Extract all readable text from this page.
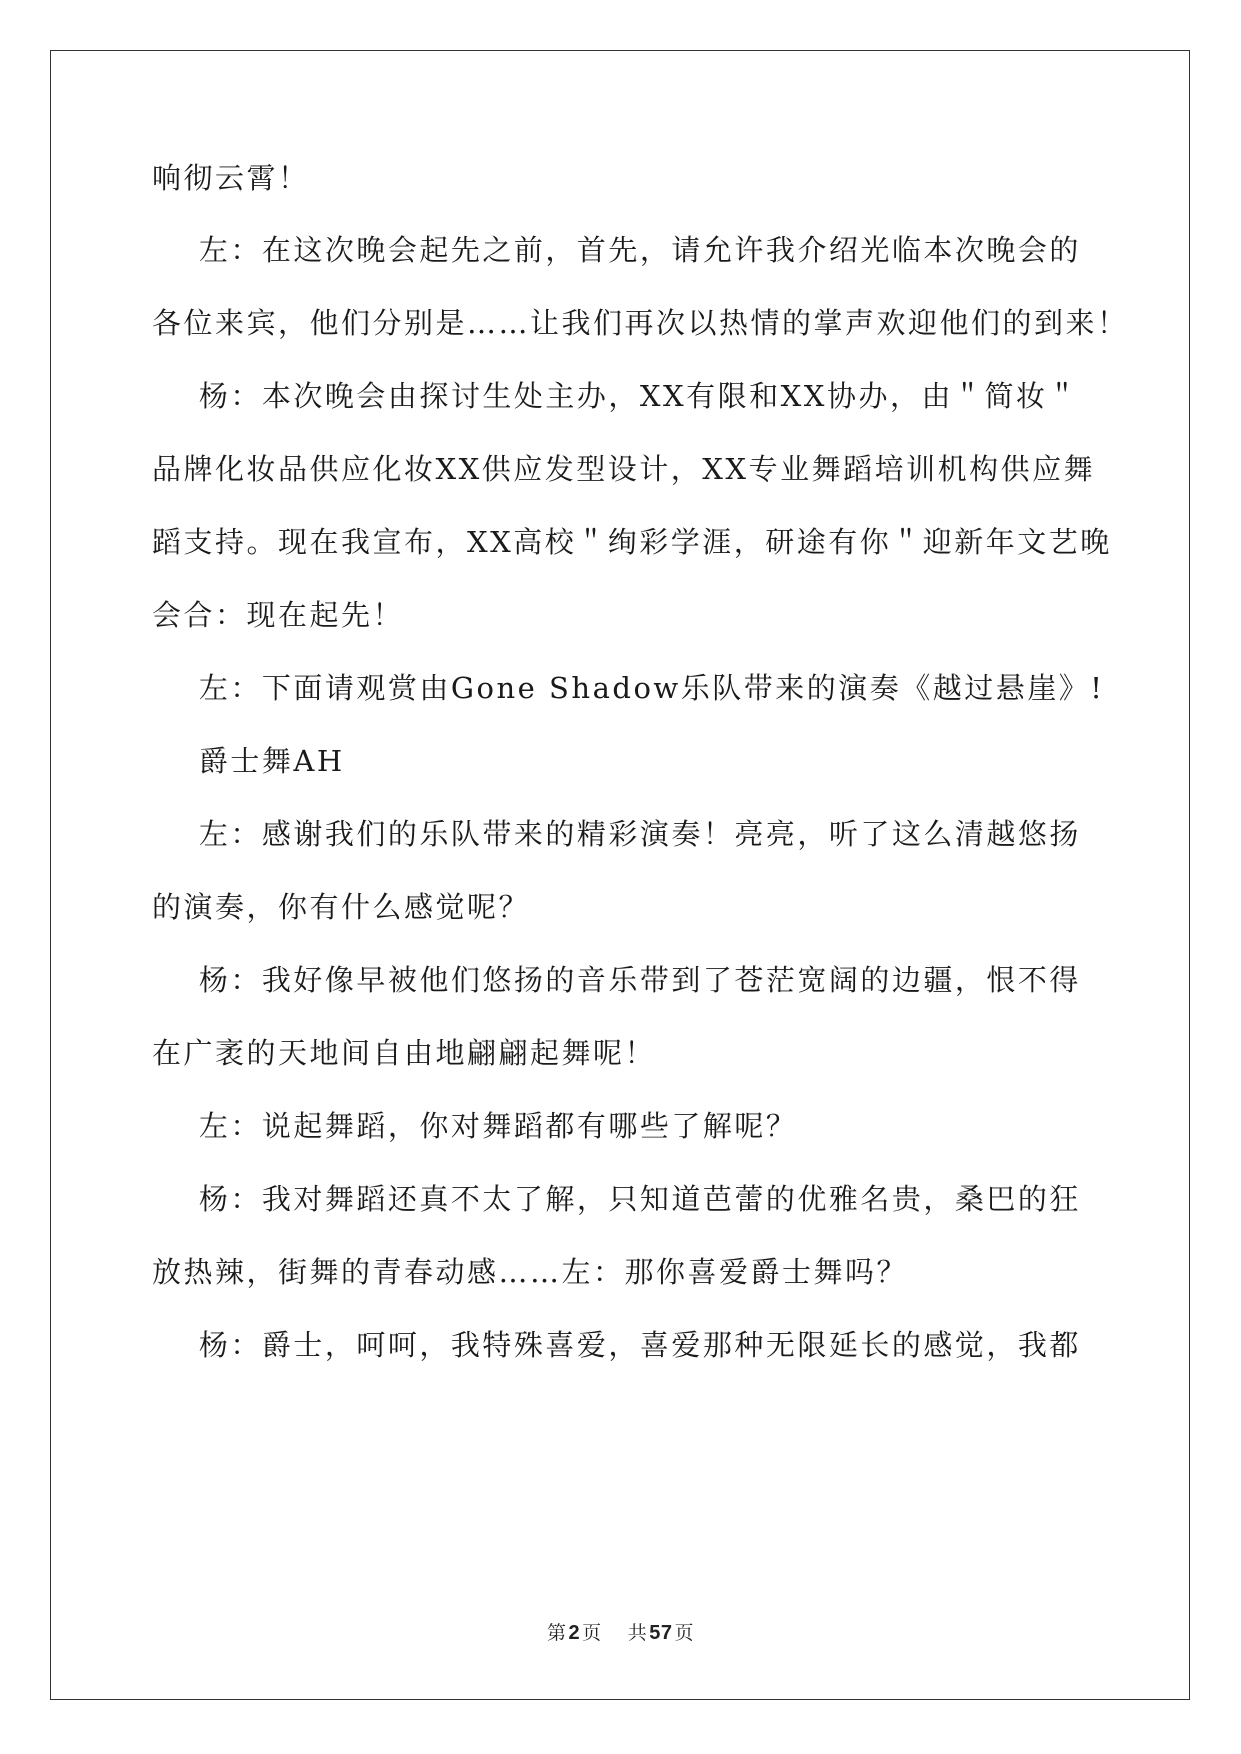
响彻云霄！
左：在这次晚会起先之前，首先，请允许我介绍光临本次晚会的
各位来宾，他们分别是……让我们再次以热情的掌声欢迎他们的到来！
杨：本次晚会由探讨生处主办，XX有限和XX协办，由＂简妆＂
品牌化妆品供应化妆XX供应发型设计，XX专业舞蹈培训机构供应舞
蹈支持。现在我宣布，XX高校＂绚彩学涯，研途有你＂迎新年文艺晚
会合：现在起先！
左：下面请观赏由Gone Shadow乐队带来的演奏《越过悬崖》!
爵士舞AH
左：感谢我们的乐队带来的精彩演奏！亮亮，听了这么清越悠扬
的演奏，你有什么感觉呢？
杨：我好像早被他们悠扬的音乐带到了苍茫宽阔的边疆，恨不得
在广袤的天地间自由地翩翩起舞呢！
左：说起舞蹈，你对舞蹈都有哪些了解呢？
杨：我对舞蹈还真不太了解，只知道芭蕾的优雅名贵，桑巴的狂
放热辣，街舞的青春动感……左：那你喜爱爵士舞吗？
杨：爵士，呵呵，我特殊喜爱，喜爱那种无限延长的感觉，我都
第 2 页 共 57 页
